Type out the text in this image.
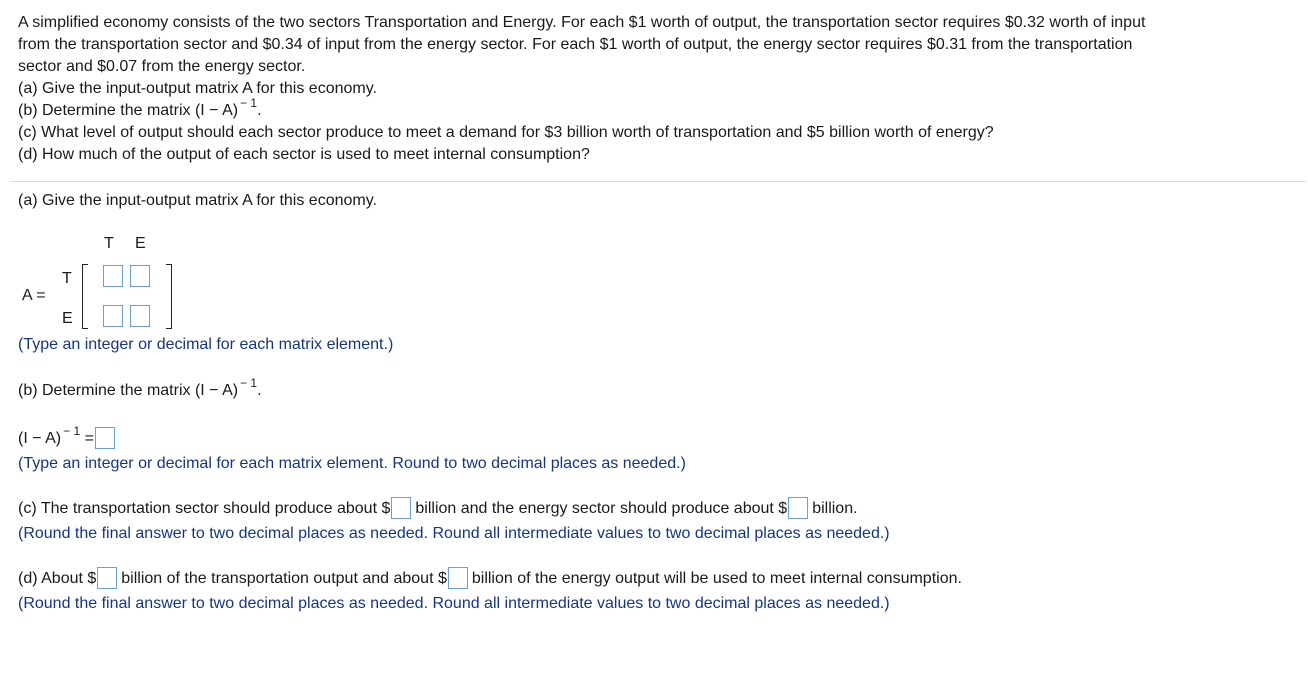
A simplified economy consists of the two sectors Transportation and Energy. For each $1 worth of output, the transportation sector requires $0.32 worth of input

from the transportation sector and $0.34 of input from the energy sector. For each $1 worth of output, the energy sector requires $0.31 from the transportation

sector and $0.07 from the energy sector.

(a) Give the input-output matrix A for this economy.

(b) Determine the matrix (I − A) $^{- 1}$.

(c) What level of output should each sector produce to meet a demand for $3 billion worth of transportation and $5 billion worth of energy?

(d) How much of the output of each sector is used to meet internal consumption?

(a) Give the input-output matrix A for this economy.
T E
T
E
A =
(Type an integer or decimal for each matrix element.)
(b) Determine the matrix (I − A) $^{- 1}$.
(I − A) $^{- 1}$ =
(Type an integer or decimal for each matrix element. Round to two decimal places as needed.)
(c) The transportation sector should produce about $ billion and the energy sector should produce about $ billion.
(Round the final answer to two decimal places as needed. Round all intermediate values to two decimal places as needed.)
(d) About $ billion of the transportation output and about $ billion of the energy output will be used to meet internal consumption.
(Round the final answer to two decimal places as needed. Round all intermediate values to two decimal places as needed.)
